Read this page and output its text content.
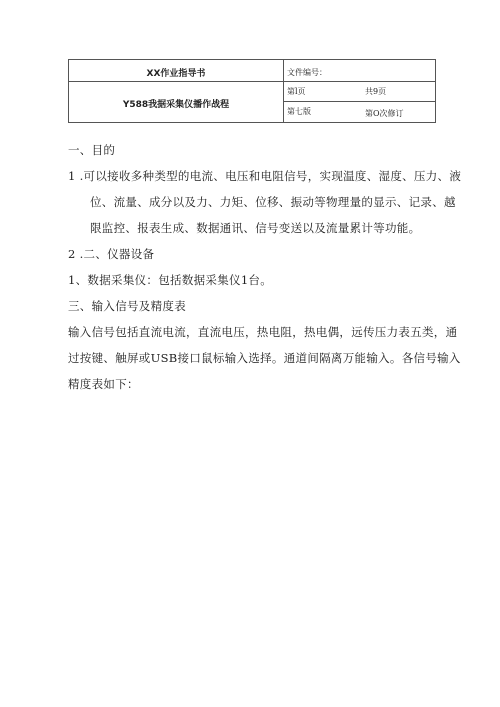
XX作业指导书
Y588我据采集仪播作战程
文件编号：
第l页	共9页
第七版	第O次修订
一、目的
1 .可以接收多种类型的电流、电压和电阻信号，实现温度、湿度、压力、液
位、流量、成分以及力、力矩、位移、振动等物理量的显示、记录、越
限监控、报表生成、数据通讯、信号变送以及流量累计等功能。
2 .二、仪器设备
1、数据采集仪：包括数据采集仪1台。
三、输入信号及精度表
输入信号包括直流电流，直流电压，热电阻，热电偶，远传压力表五类，通
过按键、触屏或USB接口鼠标输入选择。通道间隔离万能输入。各信号输入
精度表如下：
